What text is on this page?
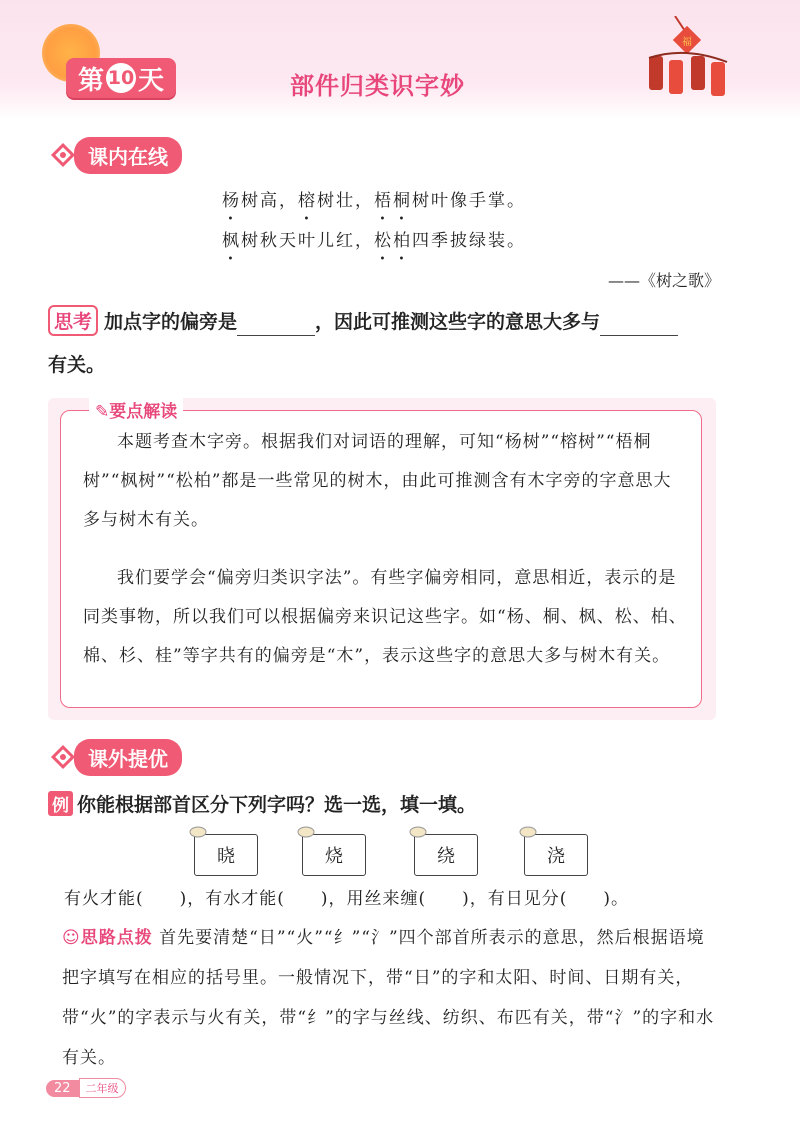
第 10 天	部件归类识字妙
福
课内在线
杨树高，榕树壮，梧桐树叶像手掌。
枫树秋天叶儿红，松柏四季披绿装。
——《树之歌》
思考 加点字的偏旁是	，因此可推测这些字的意思大多与
有关。
✎要点解读
本题考查木字旁。根据我们对词语的理解，可知“杨树”“榕树”“梧桐树”“枫树”“松柏”都是一些常见的树木，由此可推测含有木字旁的字意思大多与树木有关。
我们要学会“偏旁归类识字法”。有些字偏旁相同，意思相近，表示的是同类事物，所以我们可以根据偏旁来识记这些字。如“杨、桐、枫、松、柏、棉、杉、桂”等字共有的偏旁是“木”，表示这些字的意思大多与树木有关。
课外提优
例 你能根据部首区分下列字吗？选一选，填一填。
晓	烧	绕	浇
有火才能(　　)，有水才能(　　)，用丝来缠(　　)，有日见分(　　)。
☺思路点拨 首先要清楚“日”“火”“纟”“氵”四个部首所表示的意思，然后根据语境把字填写在相应的括号里。一般情况下，带“日”的字和太阳、时间、日期有关，带“火”的字表示与火有关，带“纟”的字与丝线、纺织、布匹有关，带“氵”的字和水有关。
22	二年级
